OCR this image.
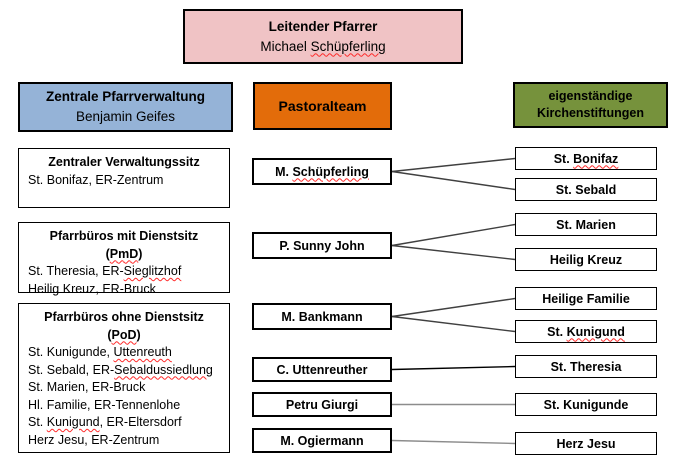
Leitender Pfarrer
Michael Schüpferling
Zentrale Pfarrverwaltung
Benjamin Geifes
Pastoralteam
eigenständige Kirchenstiftungen
Zentraler Verwaltungssitz
St. Bonifaz, ER-Zentrum
Pfarrbüros mit Dienstsitz
(PmD)
St. Theresia, ER-Sieglitzhof
Heilig Kreuz, ER-Bruck
Pfarrbüros ohne Dienstsitz
(PoD)
St. Kunigunde, Uttenreuth
St. Sebald, ER-Sebaldussiedlung
St. Marien, ER-Bruck
Hl. Familie, ER-Tennenlohe
St. Kunigund, ER-Eltersdorf
Herz Jesu, ER-Zentrum
M. Schüpferling
P. Sunny John
M. Bankmann
C. Uttenreuther
Petru Giurgi
M. Ogiermann
St. Bonifaz
St. Sebald
St. Marien
Heilig Kreuz
Heilige Familie
St. Kunigund
St. Theresia
St. Kunigunde
Herz Jesu
